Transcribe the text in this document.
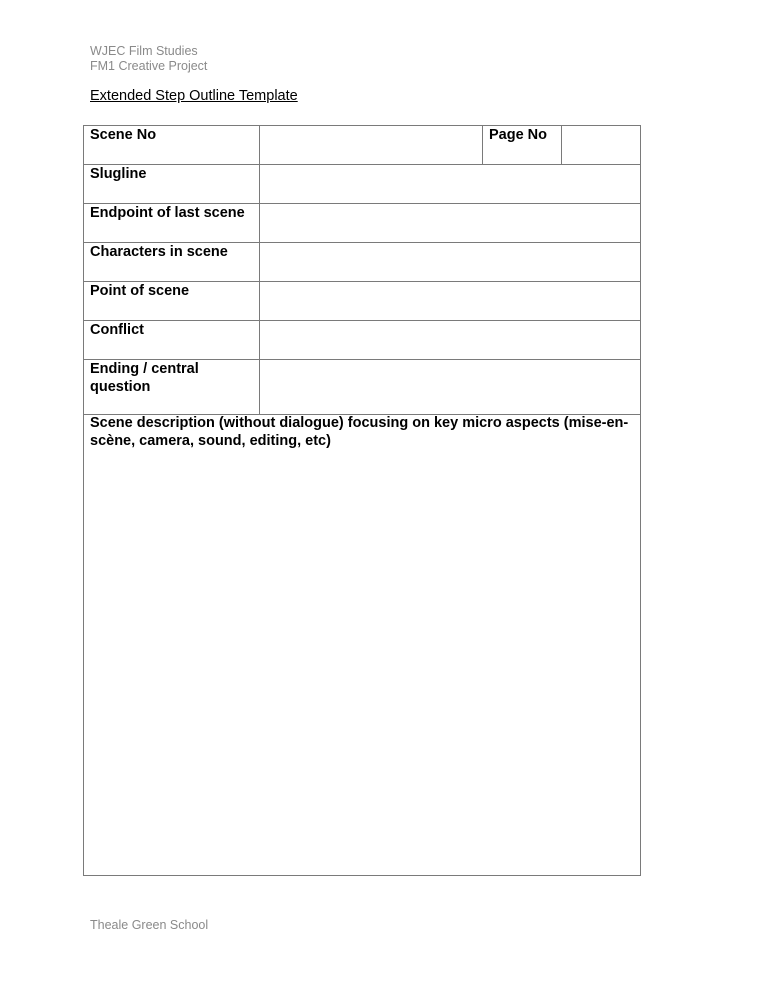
WJEC Film Studies
FM1 Creative Project
Extended Step Outline Template
Scene No		Page No	
Slugline			
Endpoint of last scene			
Characters in scene			
Point of scene			
Conflict			
Ending / central question			
Scene description (without dialogue) focusing on key micro aspects (mise-en-scène, camera, sound, editing, etc)			
Theale Green School
